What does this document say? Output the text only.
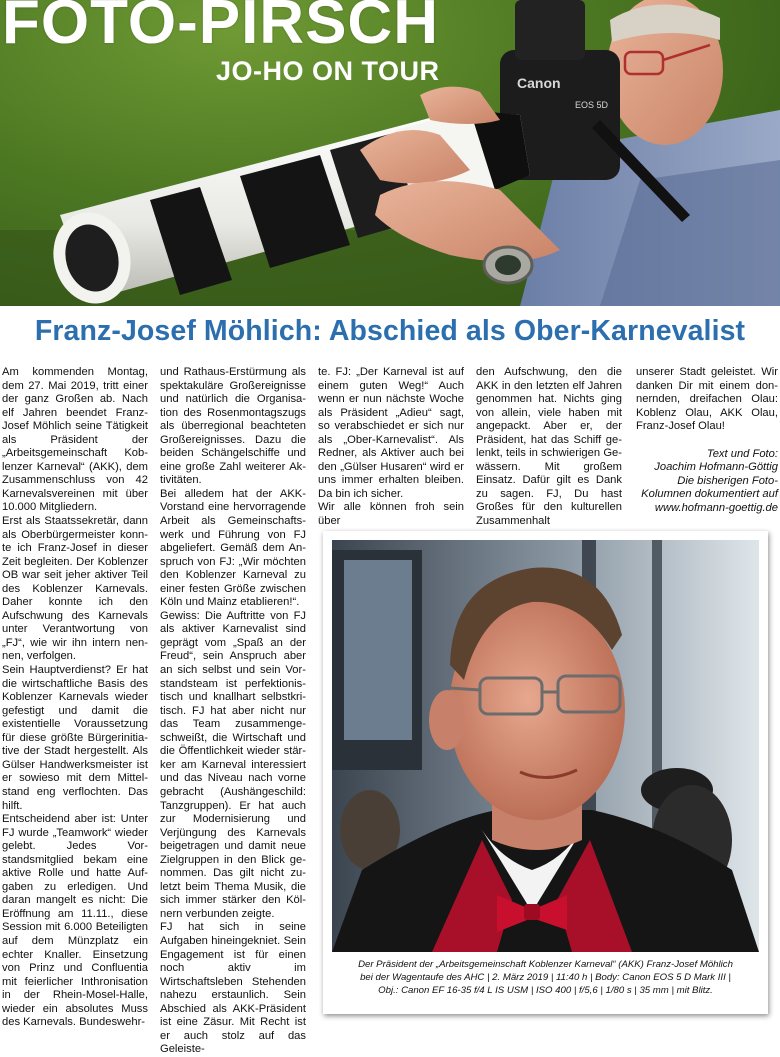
Canon
EOS 5D
FOTO-PIRSCH
JO-HO ON TOUR
Franz-Josef Möhlich: Abschied als Ober-Karnevalist

Am kommenden Montag, dem 27. Mai 2019, tritt einer der ganz Großen ab. Nach elf Jahren beendet Franz-Josef Möhlich seine Tätigkeit als Präsident der „Arbeitsgemeinschaft Koblenzer Karneval“ (AKK), dem Zusammenschluss von 42 Karnevalsvereinen mit über 10.000 Mitgliedern.

Erst als Staatssekretär, dann als Oberbürgermeister konnte ich Franz-Josef in dieser Zeit begleiten. Der Koblenzer OB war seit jeher aktiver Teil des Koblenzer Karnevals. Daher konnte ich den Aufschwung des Karnevals unter Verantwortung von „FJ“, wie wir ihn intern nennen, verfolgen.

Sein Hauptverdienst? Er hat die wirtschaftliche Basis des Koblenzer Karnevals wieder gefestigt und damit die existentielle Voraussetzung für diese größte Bürgerinitiative der Stadt hergestellt. Als Gülser Handwerksmeister ist er sowieso mit dem Mittelstand eng verflochten. Das hilft.

Entscheidend aber ist: Unter FJ wurde „Teamwork“ wieder gelebt. Jedes Vorstandsmitglied bekam eine aktive Rolle und hatte Aufgaben zu erledigen. Und daran mangelt es nicht: Die Eröffnung am 11.11., diese Session mit 6.000 Beteiligten auf dem Münzplatz ein echter Knaller. Einsetzung von Prinz und Confluentia mit feierlicher Inthronisation in der Rhein-Mosel-Halle, wieder ein absolutes Muss des Karnevals. Bundeswehr-

und Rathaus-Erstürmung als spektakuläre Großereignisse und natürlich die Organisation des Rosenmontagszugs als überregional beachteten Großereignisses. Dazu die beiden Schängelschiffe und eine große Zahl weiterer Aktivitäten.

Bei alledem hat der AKK-Vorstand eine hervorragende Arbeit als Gemeinschaftswerk und Führung von FJ abgeliefert. Gemäß dem Anspruch von FJ: „Wir möchten den Koblenzer Karneval zu einer festen Größe zwischen Köln und Mainz etablieren!“.

Gewiss: Die Auftritte von FJ als aktiver Karnevalist sind geprägt vom „Spaß an der Freud“, sein Anspruch aber an sich selbst und sein Vorstandsteam ist perfektionistisch und knallhart selbstkritisch. FJ hat aber nicht nur das Team zusammengeschweißt, die Wirtschaft und die Öffentlichkeit wieder stärker am Karneval interessiert und das Niveau nach vorne gebracht (Aushängeschild: Tanzgruppen). Er hat auch zur Modernisierung und Verjüngung des Karnevals beigetragen und damit neue Zielgruppen in den Blick genommen. Das gilt nicht zuletzt beim Thema Musik, die sich immer stärker den Kölnern verbunden zeigte.

FJ hat sich in seine Aufgaben hineingekniet. Sein Engagement ist für einen noch aktiv im Wirtschaftsleben Stehenden nahezu erstaunlich. Sein Abschied als AKK-Präsident ist eine Zäsur. Mit Recht ist er auch stolz auf das Geleiste-

te. FJ: „Der Karneval ist auf einem guten Weg!“ Auch wenn er nun nächste Woche als Präsident „Adieu“ sagt, so verabschiedet er sich nur als „Ober-Karnevalist“. Als Redner, als Aktiver auch bei den „Gülser Husaren“ wird er uns immer erhalten bleiben. Da bin ich sicher.

Wir alle können froh sein über

den Aufschwung, den die AKK in den letzten elf Jahren genommen hat. Nichts ging von allein, viele haben mit angepackt. Aber er, der Präsident, hat das Schiff gelenkt, teils in schwierigen Gewässern. Mit großem Einsatz. Dafür gilt es Dank zu sagen. FJ, Du hast Großes für den kulturellen Zusammenhalt

unserer Stadt geleistet. Wir danken Dir mit einem donnernden, dreifachen Olau: Koblenz Olau, AKK Olau, Franz-Josef Olau!

Text und Foto:
Joachim Hofmann-Göttig
Die bisherigen Foto-Kolumnen dokumentiert auf
www.hofmann-goettig.de

Der Präsident der „Arbeitsgemeinschaft Koblenzer Karneval“ (AKK) Franz-Josef Möhlich
bei der Wagentaufe des AHC | 2. März 2019 | 11:40 h | Body: Canon EOS 5 D Mark III |
Obj.: Canon EF 16-35 f/4 L IS USM | ISO 400 | f/5,6 | 1/80 s | 35 mm | mit Blitz.
